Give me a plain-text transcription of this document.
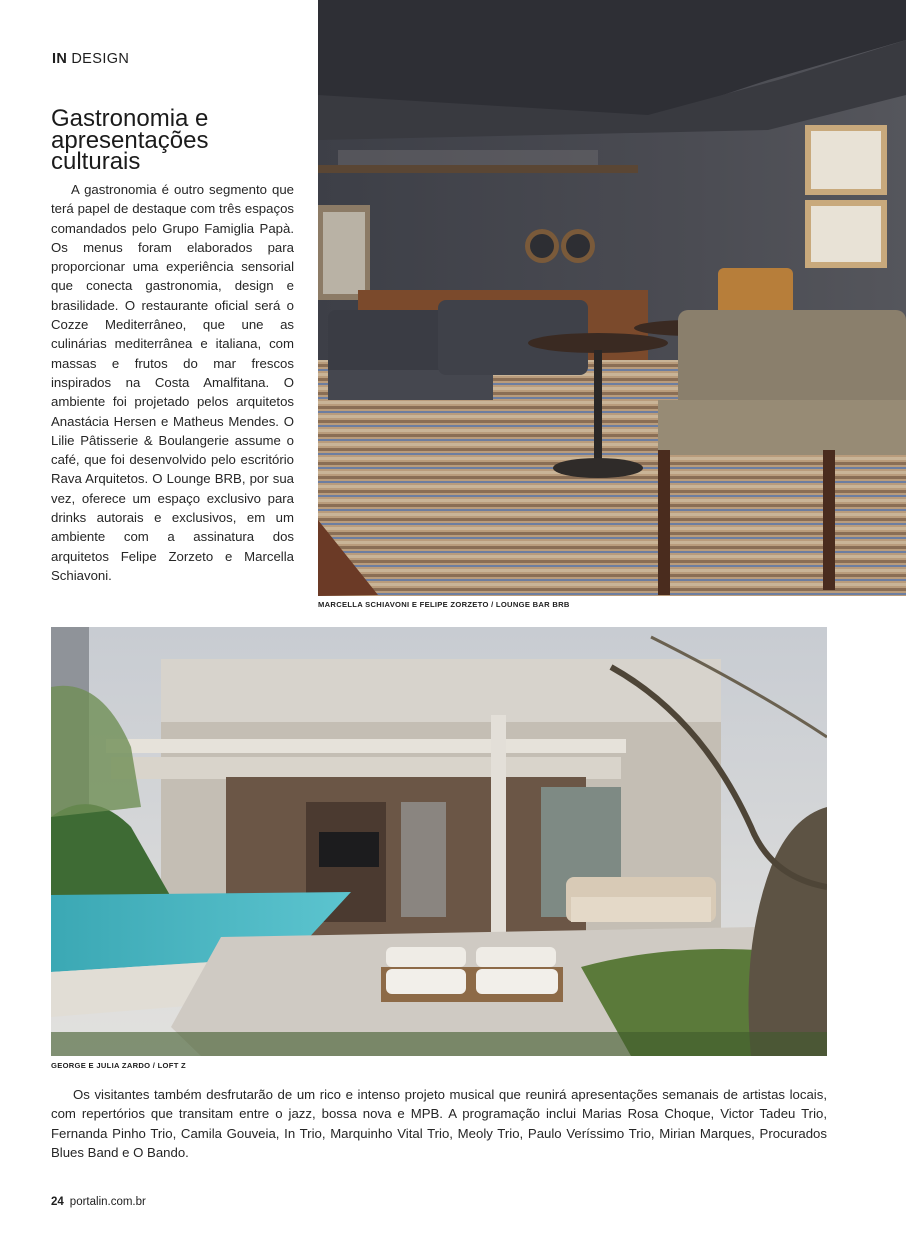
IN DESIGN
Gastronomia e apresentações culturais

A gastronomia é outro segmento que terá papel de destaque com três espaços comandados pelo Grupo Famiglia Papà. Os menus foram elaborados para proporcionar uma experiência sensorial que conecta gastronomia, design e brasilidade. O restaurante oficial será o Cozze Mediterrâneo, que une as culinárias mediterrânea e italiana, com massas e frutos do mar frescos inspirados na Costa Amalfitana. O ambiente foi projetado pelos arquitetos Anastácia Hersen e Matheus Mendes. O Lilie Pâtisserie & Boulangerie assume o café, que foi desenvolvido pelo escritório Rava Arquitetos. O Lounge BRB, por sua vez, oferece um espaço exclusivo para drinks autorais e exclusivos, em um ambiente com a assinatura dos arquitetos Felipe Zorzeto e Marcella Schiavoni.

MARCELLA SCHIAVONI E FELIPE ZORZETO / LOUNGE BAR BRB
GEORGE E JULIA ZARDO / LOFT Z

Os visitantes também desfrutarão de um rico e intenso projeto musical que reunirá apresentações semanais de artistas locais, com repertórios que transitam entre o jazz, bossa nova e MPB. A programação inclui Marias Rosa Choque, Victor Tadeu Trio, Fernanda Pinho Trio, Camila Gouveia, In Trio, Marquinho Vital Trio, Meoly Trio, Paulo Veríssimo Trio, Mirian Marques, Procurados Blues Band e O Bando.

24 portalin.com.br
